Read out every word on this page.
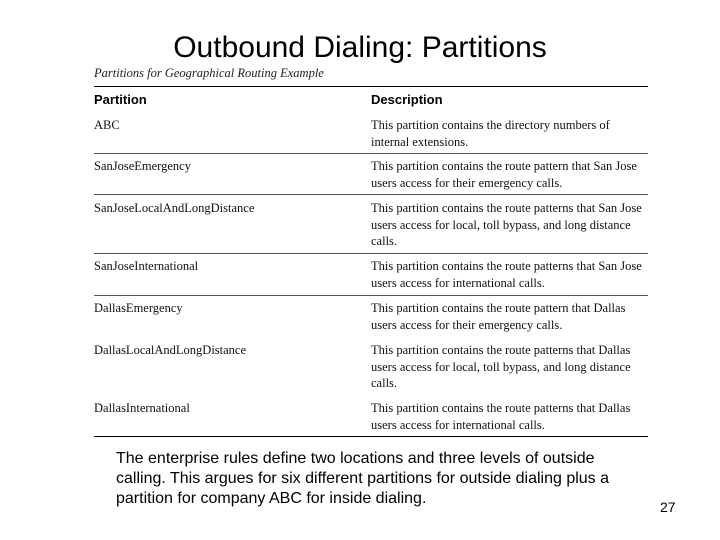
Outbound Dialing: Partitions
Partitions for Geographical Routing Example
Partition	Description
ABC	This partition contains the directory numbers of internal extensions.
SanJoseEmergency	This partition contains the route pattern that San Jose users access for their emergency calls.
SanJoseLocalAndLongDistance	This partition contains the route patterns that San Jose users access for local, toll bypass, and long distance calls.
SanJoseInternational	This partition contains the route patterns that San Jose users access for international calls.
DallasEmergency	This partition contains the route pattern that Dallas users access for their emergency calls.
DallasLocalAndLongDistance	This partition contains the route patterns that Dallas users access for local, toll bypass, and long distance calls.
DallasInternational	This partition contains the route patterns that Dallas users access for international calls.
The enterprise rules define two locations and three levels of outside calling. This argues for six different partitions for outside dialing plus a partition for company ABC for inside dialing.	27
